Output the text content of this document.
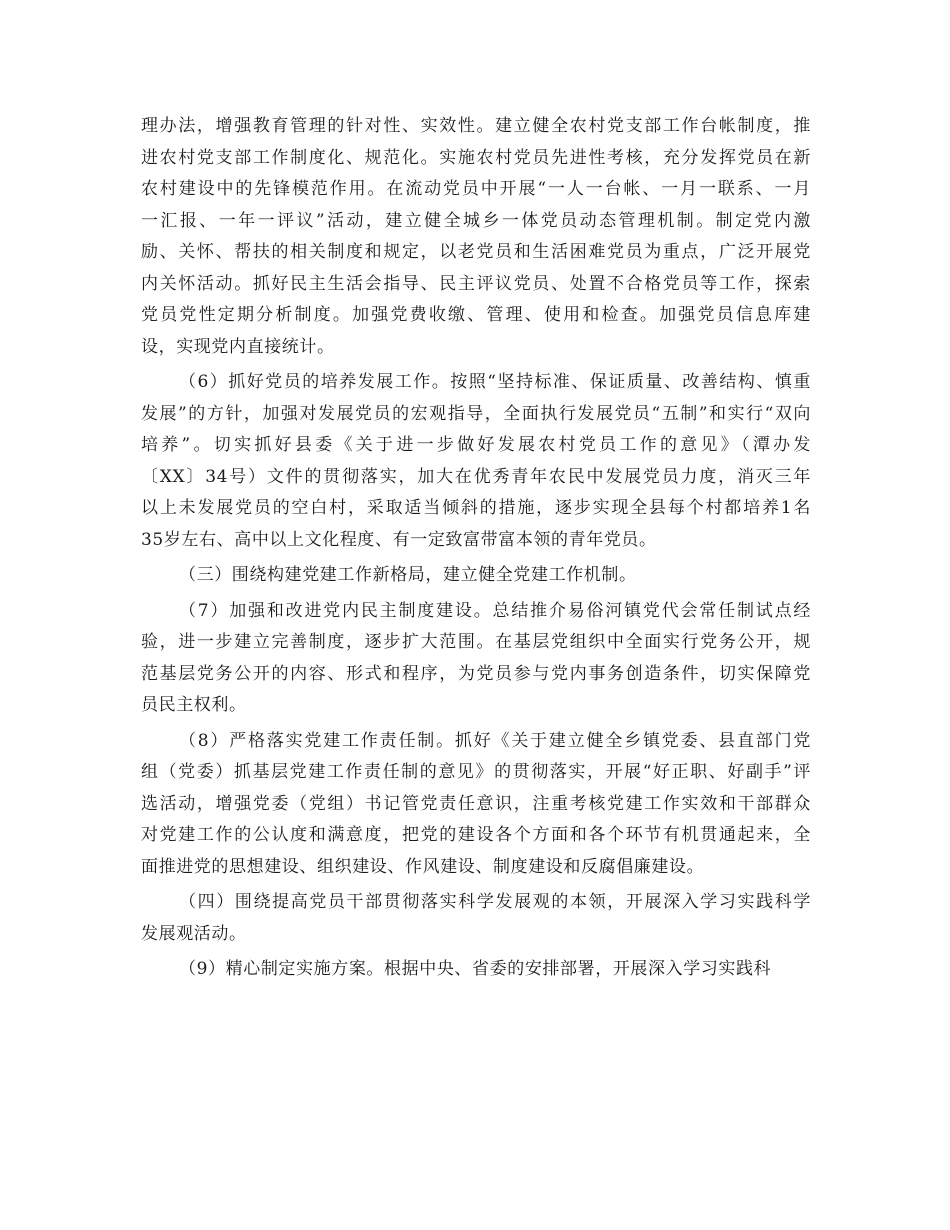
理办法，增强教育管理的针对性、实效性。建立健全农村党支部工作台帐制度，推
进农村党支部工作制度化、规范化。实施农村党员先进性考核，充分发挥党员在新
农村建设中的先锋模范作用。在流动党员中开展“一人一台帐、一月一联系、一月
一汇报、一年一评议”活动，建立健全城乡一体党员动态管理机制。制定党内激
励、关怀、帮扶的相关制度和规定，以老党员和生活困难党员为重点，广泛开展党
内关怀活动。抓好民主生活会指导、民主评议党员、处置不合格党员等工作，探索
党员党性定期分析制度。加强党费收缴、管理、使用和检查。加强党员信息库建
设，实现党内直接统计。
（6）抓好党员的培养发展工作。按照“坚持标准、保证质量、改善结构、慎重
发展”的方针，加强对发展党员的宏观指导，全面执行发展党员“五制”和实行“双向
培养”。切实抓好县委《关于进一步做好发展农村党员工作的意见》（潭办发
〔XX〕34号）文件的贯彻落实，加大在优秀青年农民中发展党员力度，消灭三年
以上未发展党员的空白村，采取适当倾斜的措施，逐步实现全县每个村都培养1名
35岁左右、高中以上文化程度、有一定致富带富本领的青年党员。
（三）围绕构建党建工作新格局，建立健全党建工作机制。
（7）加强和改进党内民主制度建设。总结推介易俗河镇党代会常任制试点经
验，进一步建立完善制度，逐步扩大范围。在基层党组织中全面实行党务公开，规
范基层党务公开的内容、形式和程序，为党员参与党内事务创造条件，切实保障党
员民主权利。
（8）严格落实党建工作责任制。抓好《关于建立健全乡镇党委、县直部门党
组（党委）抓基层党建工作责任制的意见》的贯彻落实，开展“好正职、好副手”评
选活动，增强党委（党组）书记管党责任意识，注重考核党建工作实效和干部群众
对党建工作的公认度和满意度，把党的建设各个方面和各个环节有机贯通起来，全
面推进党的思想建设、组织建设、作风建设、制度建设和反腐倡廉建设。
（四）围绕提高党员干部贯彻落实科学发展观的本领，开展深入学习实践科学
发展观活动。
（9）精心制定实施方案。根据中央、省委的安排部署，开展深入学习实践科
